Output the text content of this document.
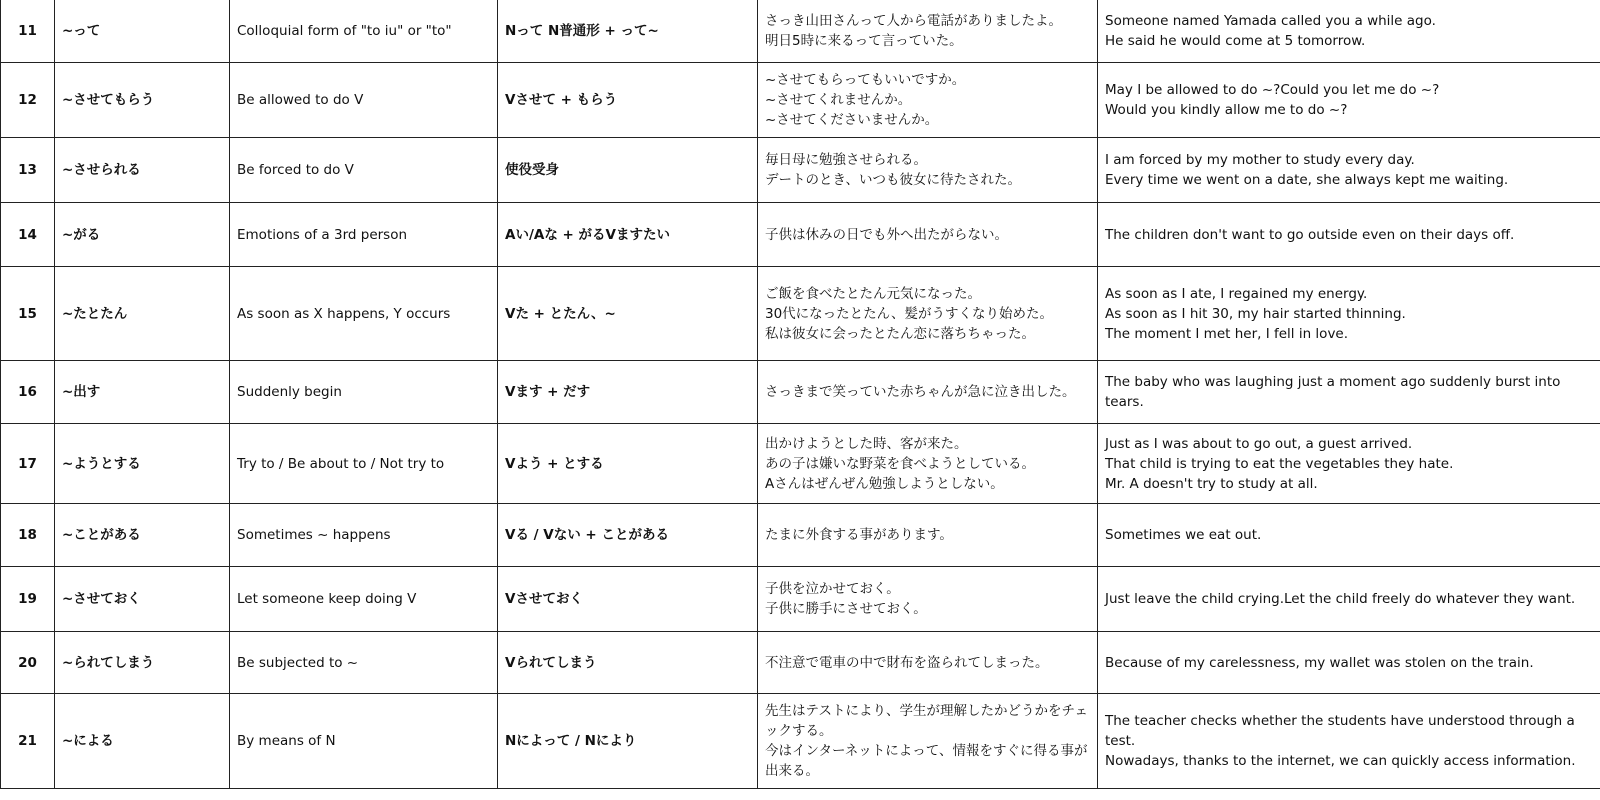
11	~って	Colloquial form of "to iu" or "to"	Nって N普通形 + って~	さっき山田さんって人から電話がありましたよ。
明日5時に来るって言っていた。	Someone named Yamada called you a while ago.
He said he would come at 5 tomorrow.

12	~させてもらう	Be allowed to do V	Vさせて + もらう	~させてもらってもいいですか。
~させてくれませんか。
~させてくださいませんか。	May I be allowed to do ~?Could you let me do ~?
Would you kindly allow me to do ~?

13	~させられる	Be forced to do V	使役受身	毎日母に勉強させられる。
デートのとき、いつも彼女に待たされた。	I am forced by my mother to study every day.
Every time we went on a date, she always kept me waiting.

14	~がる	Emotions of a 3rd person	Aい/Aな + がるVますたい	子供は休みの日でも外へ出たがらない。	The children don't want to go outside even on their days off.

15	~たとたん	As soon as X happens, Y occurs	Vた + とたん、~	ご飯を食べたとたん元気になった。
30代になったとたん、髪がうすくなり始めた。
私は彼女に会ったとたん恋に落ちちゃった。	As soon as I ate, I regained my energy.
As soon as I hit 30, my hair started thinning.
The moment I met her, I fell in love.

16	~出す	Suddenly begin	Vます + だす	さっきまで笑っていた赤ちゃんが急に泣き出した。	The baby who was laughing just a moment ago suddenly burst into tears.

17	~ようとする	Try to / Be about to / Not try to	Vよう + とする	出かけようとした時、客が来た。
あの子は嫌いな野菜を食べようとしている。
Aさんはぜんぜん勉強しようとしない。	Just as I was about to go out, a guest arrived.
That child is trying to eat the vegetables they hate.
Mr. A doesn't try to study at all.

18	~ことがある	Sometimes ~ happens	Vる / Vない + ことがある	たまに外食する事があります。	Sometimes we eat out.

19	~させておく	Let someone keep doing V	Vさせておく	子供を泣かせておく。
子供に勝手にさせておく。	Just leave the child crying.Let the child freely do whatever they want.

20	~られてしまう	Be subjected to ~	Vられてしまう	不注意で電車の中で財布を盗られてしまった。	Because of my carelessness, my wallet was stolen on the train.

21	~による	By means of N	Nによって / Nにより	先生はテストにより、学生が理解したかどうかをチェックする。
今はインターネットによって、情報をすぐに得る事が出来る。	The teacher checks whether the students have understood through a test.
Nowadays, thanks to the internet, we can quickly access information.
